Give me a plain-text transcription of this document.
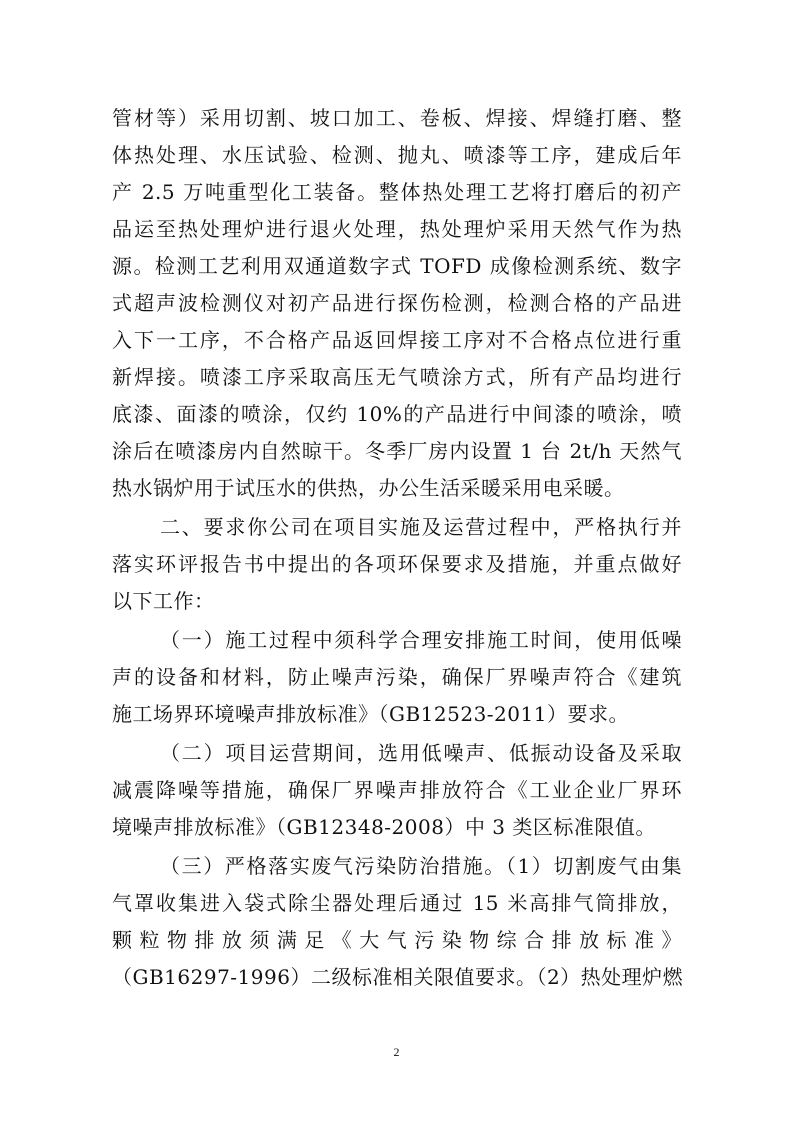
管材等）采用切割、坡口加工、卷板、焊接、焊缝打磨、整
体热处理、水压试验、检测、抛丸、喷漆等工序，建成后年
产 2.5 万吨重型化工装备。整体热处理工艺将打磨后的初产
品运至热处理炉进行退火处理，热处理炉采用天然气作为热
源。检测工艺利用双通道数字式 TOFD 成像检测系统、数字
式超声波检测仪对初产品进行探伤检测，检测合格的产品进
入下一工序，不合格产品返回焊接工序对不合格点位进行重
新焊接。喷漆工序采取高压无气喷涂方式，所有产品均进行
底漆、面漆的喷涂，仅约 10%的产品进行中间漆的喷涂，喷
涂后在喷漆房内自然晾干。冬季厂房内设置 1 台 2t/h 天然气
热水锅炉用于试压水的供热，办公生活采暖采用电采暖。
二、要求你公司在项目实施及运营过程中，严格执行并
落实环评报告书中提出的各项环保要求及措施，并重点做好
以下工作：
（一）施工过程中须科学合理安排施工时间，使用低噪
声的设备和材料，防止噪声污染，确保厂界噪声符合《建筑
施工场界环境噪声排放标准》（GB12523-2011）要求。
（二）项目运营期间，选用低噪声、低振动设备及采取
减震降噪等措施，确保厂界噪声排放符合《工业企业厂界环
境噪声排放标准》（GB12348-2008）中 3 类区标准限值。
（三）严格落实废气污染防治措施。（1）切割废气由集
气罩收集进入袋式除尘器处理后通过 15 米高排气筒排放，
颗粒物排放须满足《大气污染物综合排放标准》
（GB16297-1996）二级标准相关限值要求。（2）热处理炉燃
2
